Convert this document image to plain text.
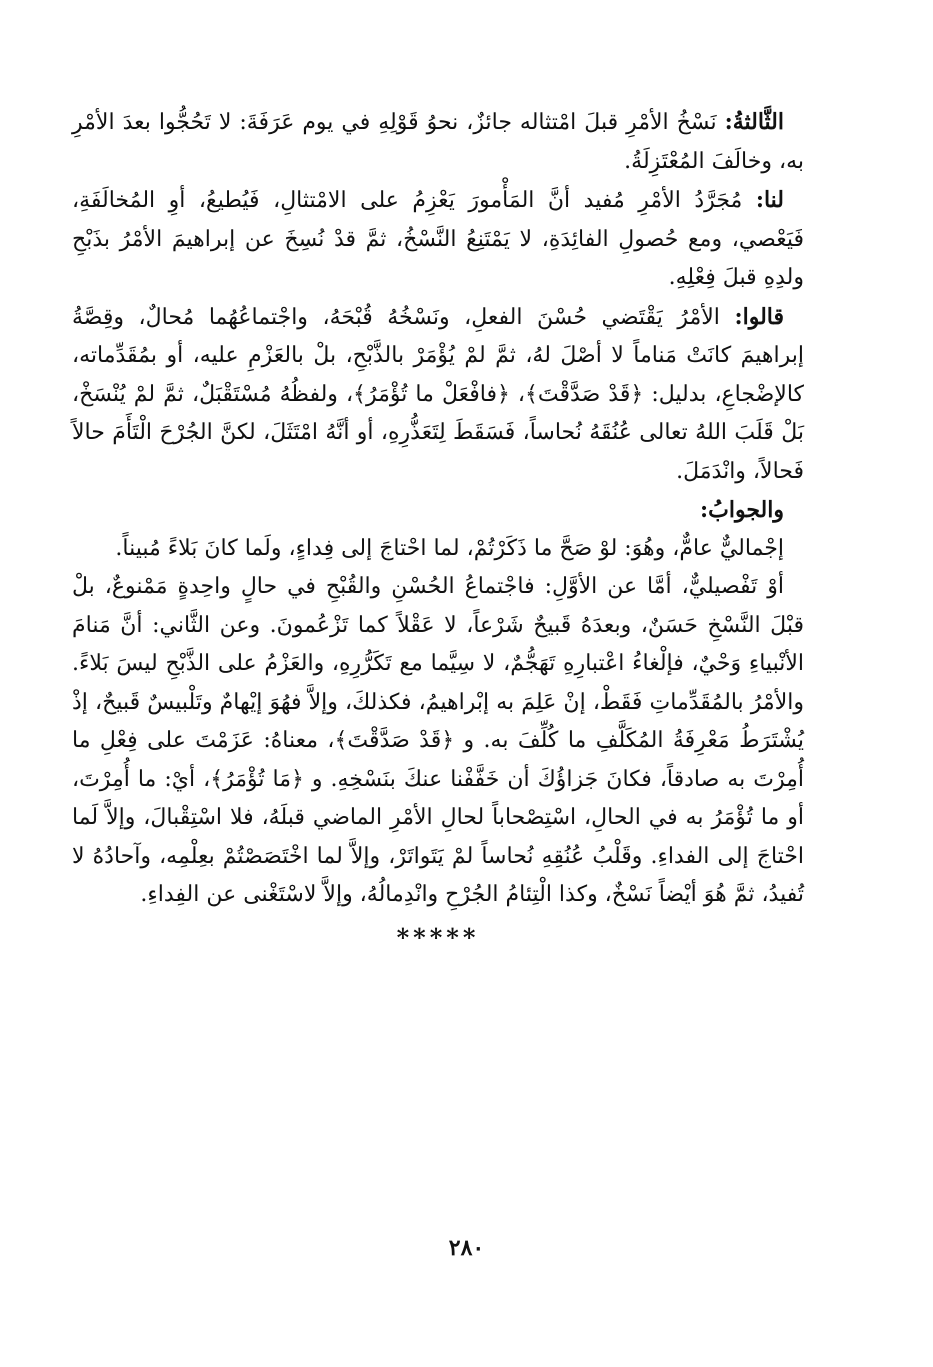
الثَّالثةُ: نَسْخُ الأمْرِ قبلَ امْتثاله جائزٌ، نحوُ قَوْلِهِ في يوم عَرَفَةَ: لا تَحُجُّوا بعدَ الأمْرِ به، وخالَفَ المُعْتَزِلَةُ.

لنا: مُجَرَّدُ الأمْرِ مُفيد أنَّ المَأْمورَ يَعْزِمُ على الامْتثالِ، فَيُطيعُ، أوِ المُخالَفَةِ، فَيَعْصي، ومع حُصولِ الفائِدَةِ، لا يَمْتَنِعُ النَّسْخُ، ثمَّ قدْ نُسِخَ عن إبراهيمَ الأمْرُ بذَبْحِ ولدِهِ قبلَ فِعْلِهِ.

قالوا: الأمْرُ يَقْتَضي حُسْنَ الفعلِ، ونَسْخُهُ قُبْحَهُ، واجْتماعُهُما مُحالٌ، وقِصَّةُ إبراهيمَ كانَتْ مَناماً لا أصْلَ لهُ، ثمَّ لمْ يُؤْمَرْ بالذَّبْحِ، بلْ بالعَزْمِ عليه، أو بمُقَدِّماته، كالإضْجاعِ، بدليل: ﴿قَدْ صَدَّقْتَ﴾، ﴿فافْعَلْ ما تُؤْمَرُ﴾، ولفظُهُ مُسْتَقْبَلٌ، ثمَّ لمْ يُنْسَخْ، بَلْ قَلَبَ اللهُ تعالى عُنُقَهُ نُحاساً، فَسَقَطَ لِتَعَذُّرِهِ، أو أنَّهُ امْتَثَلَ، لكنَّ الجُرْحَ الْتَأَمَ حالاً فَحالاً، وانْدَمَلَ.

والجوابُ:

إجْماليٌّ عامٌّ، وهُوَ: لوْ صَحَّ ما ذَكَرْتُمْ، لما احْتاجَ إلى فِداءٍ، ولَما كانَ بَلاءً مُبيناً.

أوْ تَفْصيليٌّ، أمَّا عن الأوَّلِ: فاجْتماعُ الحُسْنِ والقُبْحِ في حالٍ واحِدةٍ مَمْنوعٌ، بلْ قبْلَ النَّسْخِ حَسَنٌ، وبعدَهُ قَبيحٌ شَرْعاً، لا عَقْلاً كما تَزْعُمونَ. وعن الثَّاني: أنَّ مَنامَ الأنْبياءِ وَحْيٌ، فإلْغاءُ اعْتبارِهِ تَهَجُّمٌ، لا سِيَّما مع تَكَرُّرِهِ، والعَزْمُ على الذَّبْحِ ليسَ بَلاءً. والأمْرُ بالمُقَدِّماتِ فَقَطْ، إنْ عَلِمَ به إبْراهيمُ، فكذلكَ، وإلاَّ فهُوَ إيْهامٌ وتَلْبيسٌ قَبيحٌ، إذْ يُشْتَرَطُ مَعْرِفَةُ المُكَلَّفِ ما كُلِّفَ به. و ﴿قَدْ صَدَّقْتَ﴾، معناهُ: عَزَمْتَ على فِعْلِ ما أُمِرْتَ به صادقاً، فكانَ جَزاؤُكَ أن خَفَّفْنا عنكَ بنَسْخِهِ. و ﴿مَا تُؤْمَرُ﴾، أيْ: ما أُمِرْتَ، أو ما تُؤْمَرُ به في الحالِ، اسْتِصْحاباً لحالِ الأمْرِ الماضي قبلَهُ، فلا اسْتِقْبالَ، وإلاَّ لَما احْتاجَ إلى الفداءِ. وقَلْبُ عُنُقِهِ نُحاساً لمْ يَتَواتَرْ، وإلاَّ لما اخْتَصَصْتُمْ بعِلْمِه، وآحادُهُ لا تُفيدُ، ثمَّ هُوَ أيْضاً نَسْخٌ، وكذا الْتِئامُ الجُرْحِ وانْدِمالُهُ، وإلاَّ لاسْتَغْنى عن الفِداءِ.

*****
٢٨٠
